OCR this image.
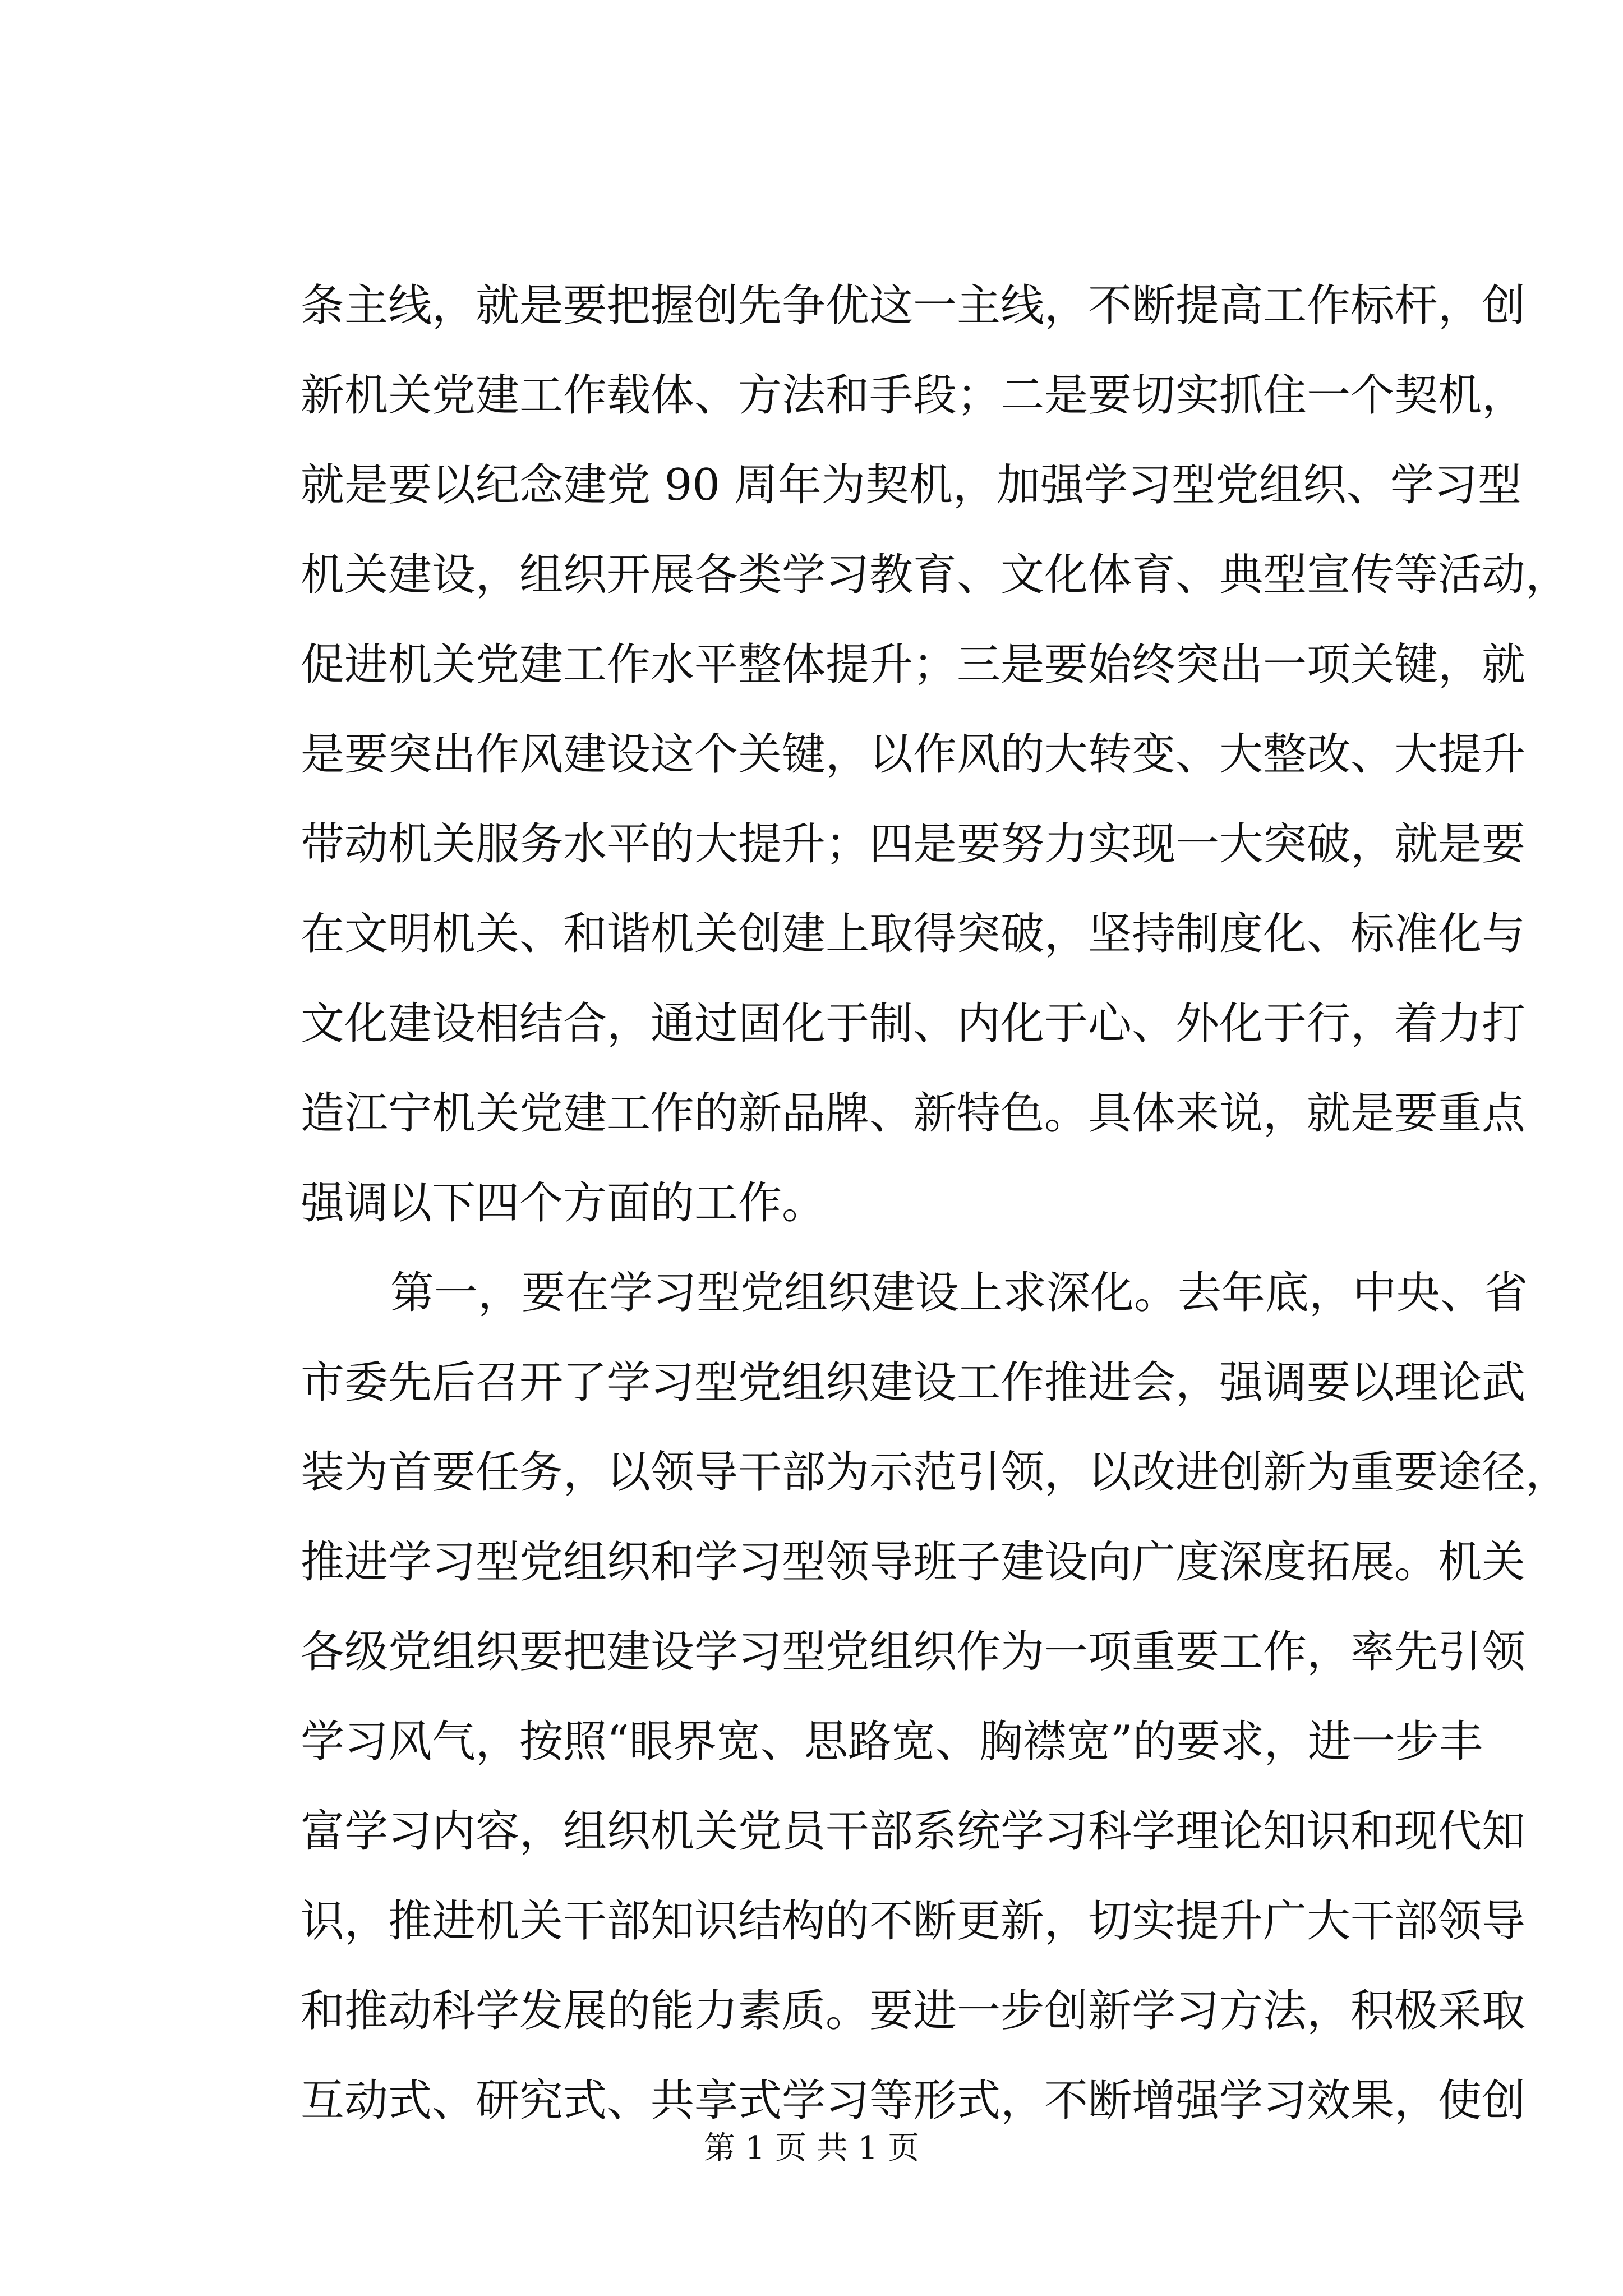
条主线，就是要把握创先争优这一主线，不断提高工作标杆，创
新机关党建工作载体、方法和手段；二是要切实抓住一个契机，
就是要以纪念建党 90 周年为契机，加强学习型党组织、学习型
机关建设，组织开展各类学习教育、文化体育、典型宣传等活动，
促进机关党建工作水平整体提升；三是要始终突出一项关键，就
是要突出作风建设这个关键，以作风的大转变、大整改、大提升
带动机关服务水平的大提升；四是要努力实现一大突破，就是要
在文明机关、和谐机关创建上取得突破，坚持制度化、标准化与
文化建设相结合，通过固化于制、内化于心、外化于行，着力打
造江宁机关党建工作的新品牌、新特色。具体来说，就是要重点
强调以下四个方面的工作。
第一，要在学习型党组织建设上求深化。去年底，中央、省
市委先后召开了学习型党组织建设工作推进会，强调要以理论武
装为首要任务，以领导干部为示范引领，以改进创新为重要途径，
推进学习型党组织和学习型领导班子建设向广度深度拓展。机关
各级党组织要把建设学习型党组织作为一项重要工作，率先引领
学习风气，按照“眼界宽、思路宽、胸襟宽”的要求，进一步丰
富学习内容，组织机关党员干部系统学习科学理论知识和现代知
识，推进机关干部知识结构的不断更新，切实提升广大干部领导
和推动科学发展的能力素质。要进一步创新学习方法，积极采取
互动式、研究式、共享式学习等形式，不断增强学习效果，使创
第 1 页 共 1 页
